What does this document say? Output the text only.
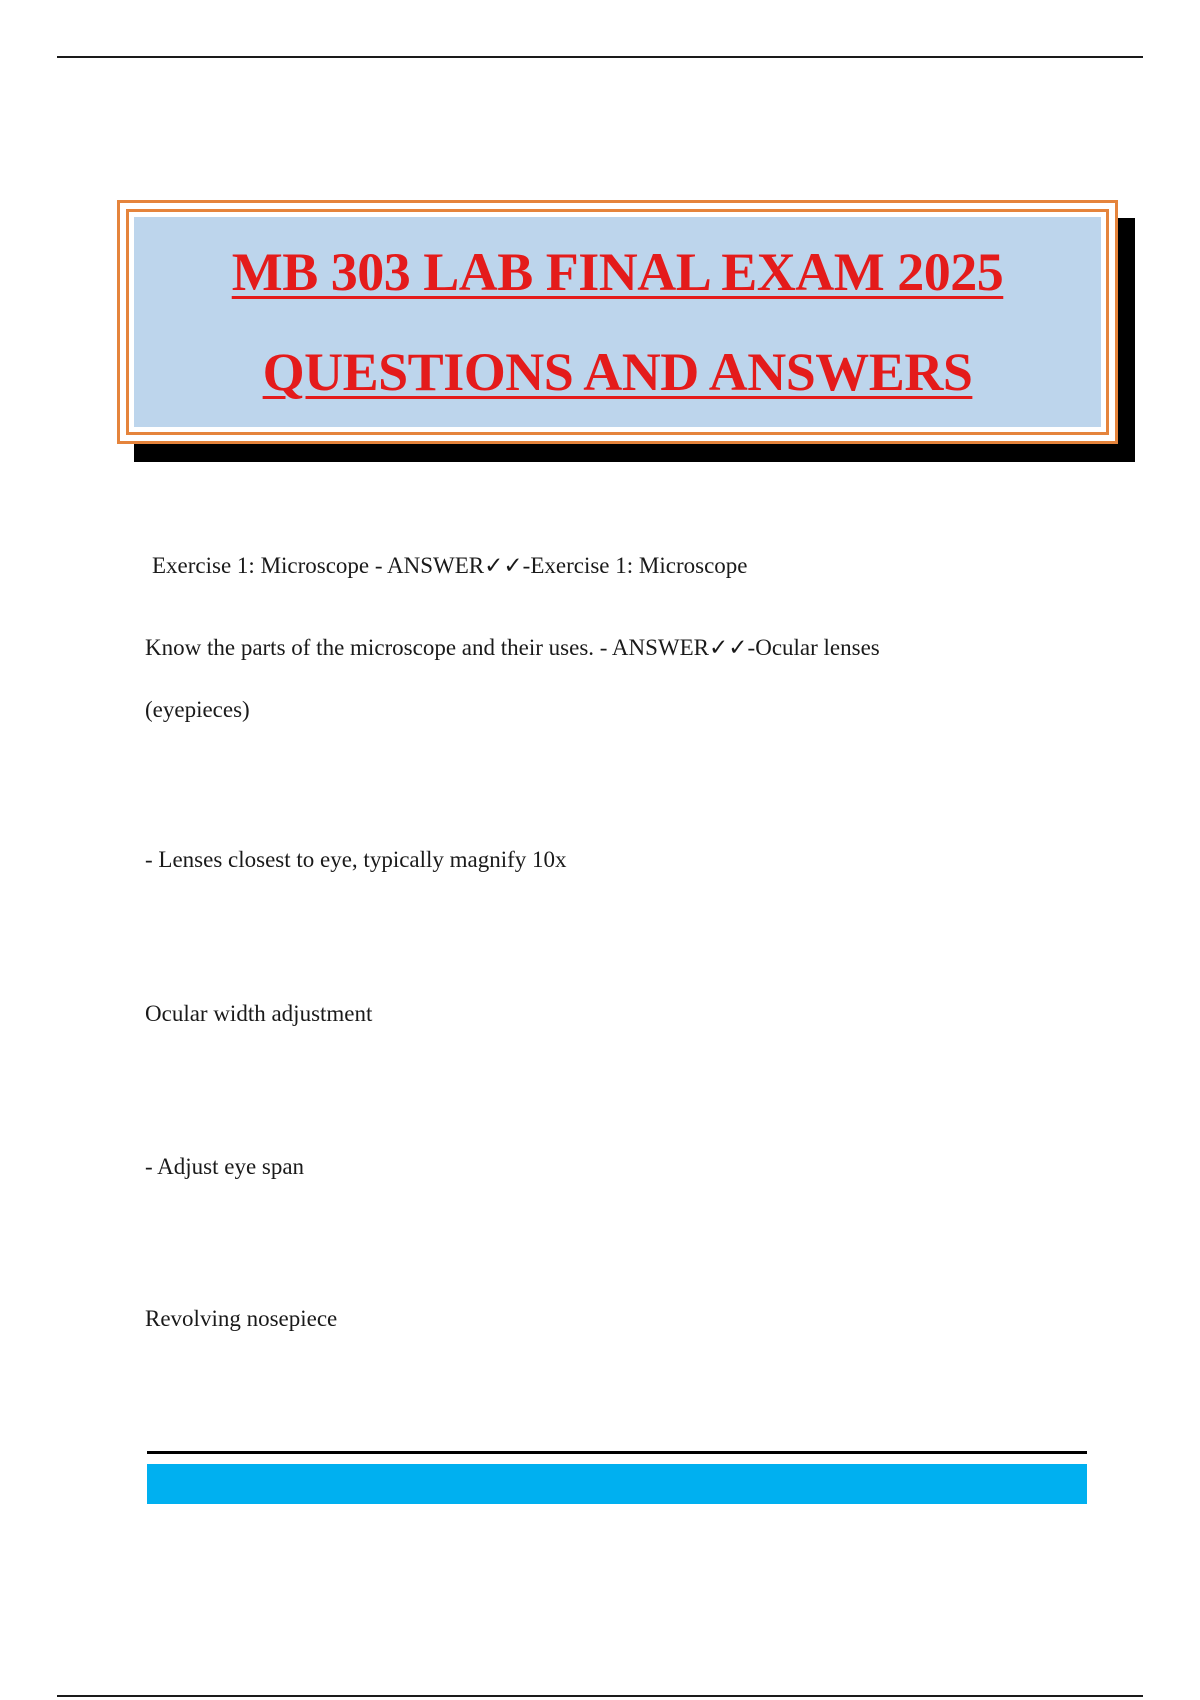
MB 303 LAB FINAL EXAM 2025
QUESTIONS AND ANSWERS
Exercise 1: Microscope - ANSWER✓✓-Exercise 1: Microscope
Know the parts of the microscope and their uses. - ANSWER✓✓-Ocular lenses
(eyepieces)
- Lenses closest to eye, typically magnify 10x
Ocular width adjustment
- Adjust eye span
Revolving nosepiece
